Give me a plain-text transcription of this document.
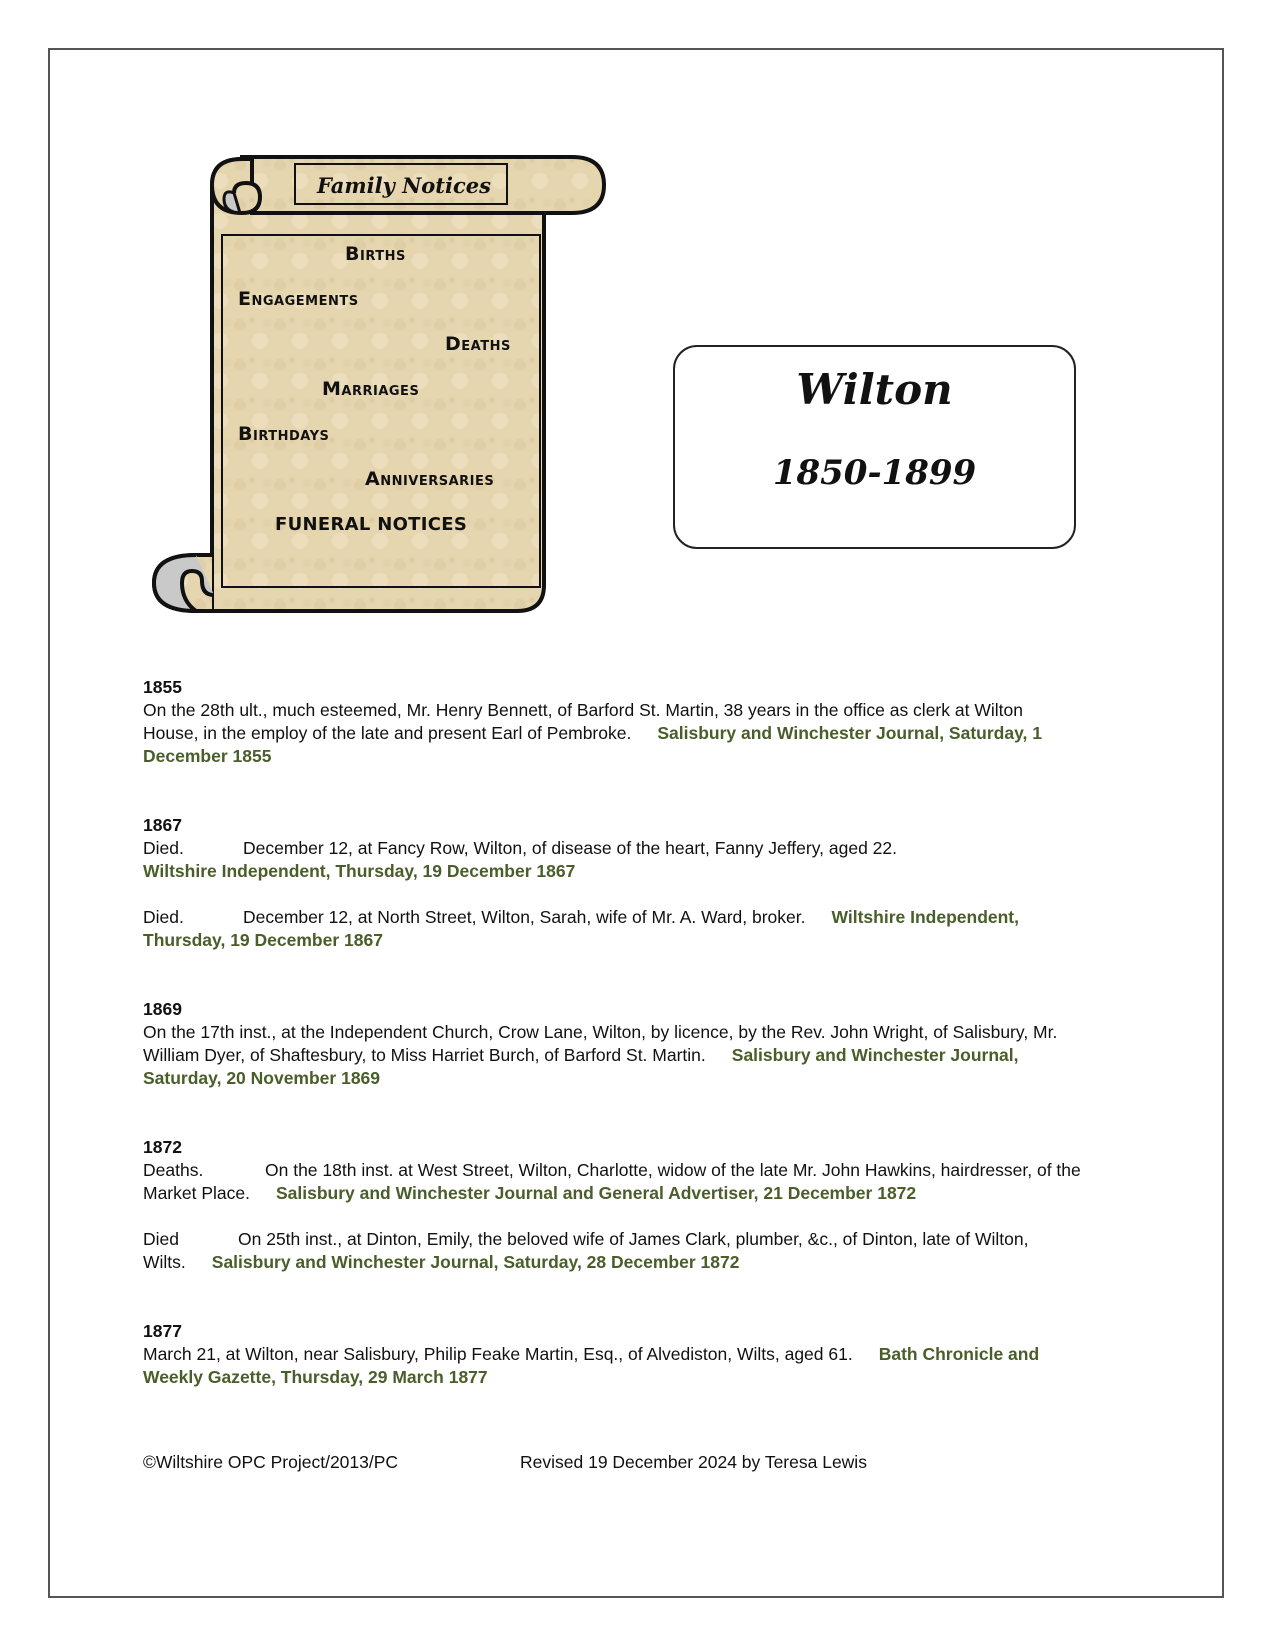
Family Notices
Births
Engagements
Deaths
Marriages
Birthdays
Anniversaries
FUNERAL NOTICES
Wilton
1850-1899
1855

On the 28th ult., much esteemed, Mr. Henry Bennett, of Barford St. Martin, 38 years in the office as clerk at Wilton House, in the employ of the late and present Earl of Pembroke. Salisbury and Winchester Journal, Saturday, 1 December 1855

1867

Died.	December 12, at Fancy Row, Wilton, of disease of the heart, Fanny Jeffery, aged 22.
Wiltshire Independent, Thursday, 19 December 1867

Died.	December 12, at North Street, Wilton, Sarah, wife of Mr. A. Ward, broker. Wiltshire Independent, Thursday, 19 December 1867

1869

On the 17th inst., at the Independent Church, Crow Lane, Wilton, by licence, by the Rev. John Wright, of Salisbury, Mr. William Dyer, of Shaftesbury, to Miss Harriet Burch, of Barford St. Martin. Salisbury and Winchester Journal, Saturday, 20 November 1869

1872

Deaths.	On the 18th inst. at West Street, Wilton, Charlotte, widow of the late Mr. John Hawkins, hairdresser, of the Market Place. Salisbury and Winchester Journal and General Advertiser, 21 December 1872

Died	On 25th inst., at Dinton, Emily, the beloved wife of James Clark, plumber, &c., of Dinton, late of Wilton, Wilts. Salisbury and Winchester Journal, Saturday, 28 December 1872

1877

March 21, at Wilton, near Salisbury, Philip Feake Martin, Esq., of Alvediston, Wilts, aged 61. Bath Chronicle and Weekly Gazette, Thursday, 29 March 1877

©Wiltshire OPC Project/2013/PC	Revised 19 December 2024 by Teresa Lewis
